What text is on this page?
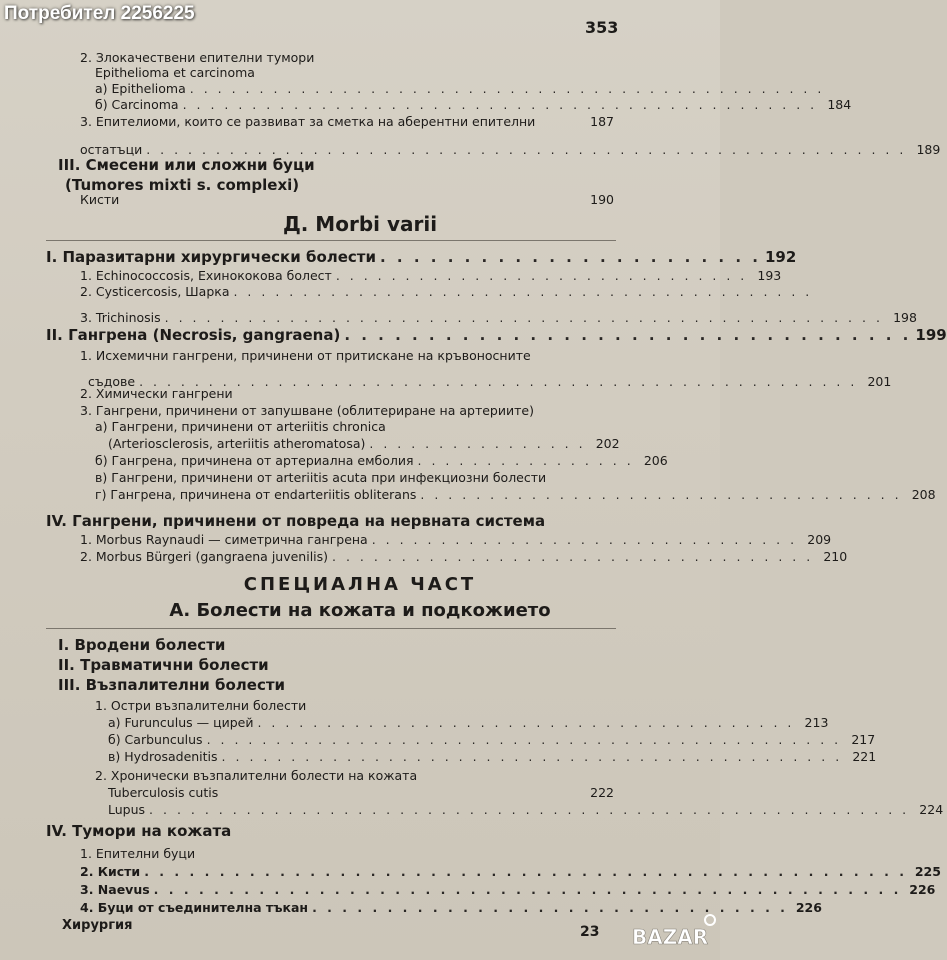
Потребител 2256225
353
2. Злокачествени епителни тумори
Epithelioma et carcinoma
а) Epithelioma . . . . . . . . . . . . . . . . . . . . . . . . . . . . . . . . . . . . . . . . . . . . . .
б) Carcinoma . . . . . . . . . . . . . . . . . . . . . . . . . . . . . . . . . . . . . . . . . . . . . . 184
3. Епителиоми, които се развиват за сметка на аберентни епителни	187
остатъци . . . . . . . . . . . . . . . . . . . . . . . . . . . . . . . . . . . . . . . . . . . . . . . . . . . . . . . 189
III. Смесени или сложни буци
(Tumores mixti s. complexi)
Кисти	190
Д. Morbi varii
I. Паразитарни хирургически болести . . . . . . . . . . . . . . . . . . . . . . . 192
1. Echinococcosis, Ехинококова болест . . . . . . . . . . . . . . . . . . . . . . . . . . . . . . 193
2. Cysticercosis, Шарка . . . . . . . . . . . . . . . . . . . . . . . . . . . . . . . . . . . . . . . . . .
3. Trichinosis . . . . . . . . . . . . . . . . . . . . . . . . . . . . . . . . . . . . . . . . . . . . . . . . . . . . 198
II. Гангрена (Necrosis, gangraena) . . . . . . . . . . . . . . . . . . . . . . . . . . . . . . . . . . 199
1. Исхемични гангрени, причинени от притискане на кръвоносните
съдове . . . . . . . . . . . . . . . . . . . . . . . . . . . . . . . . . . . . . . . . . . . . . . . . . . . . 201
2. Химически гангрени
3. Гангрени, причинени от запушване (облитериране на артериите)
а) Гангрени, причинени от arteriitis chronica
(Arteriosclerosis, arteriitis atheromatosa) . . . . . . . . . . . . . . . . 202
б) Гангрена, причинена от артериална емболия . . . . . . . . . . . . . . . . 206
в) Гангрени, причинени от arteriitis acuta при инфекциозни болести
г) Гангрена, причинена от endarteriitis obliterans . . . . . . . . . . . . . . . . . . . . . . . . . . . . . . . . . . . 208
IV. Гангрени, причинени от повреда на нервната система
1. Morbus Raynaudi — симетрична гангрена . . . . . . . . . . . . . . . . . . . . . . . . . . . . . . . 209
2. Morbus Bürgeri (gangraena juvenilis) . . . . . . . . . . . . . . . . . . . . . . . . . . . . . . . . . . . 210
СПЕЦИАЛНА ЧАСТ
А. Болести на кожата и подкожието
I. Вродени болести
II. Травматични болести
III. Възпалителни болести
1. Остри възпалителни болести
а) Furunculus — цирей . . . . . . . . . . . . . . . . . . . . . . . . . . . . . . . . . . . . . . . 213
б) Carbunculus . . . . . . . . . . . . . . . . . . . . . . . . . . . . . . . . . . . . . . . . . . . . . . 217
в) Hydrosadenitis . . . . . . . . . . . . . . . . . . . . . . . . . . . . . . . . . . . . . . . . . . . . . 221
2. Хронически възпалителни болести на кожата
Tuberculosis cutis	222
Lupus . . . . . . . . . . . . . . . . . . . . . . . . . . . . . . . . . . . . . . . . . . . . . . . . . . . . . . . 224
IV. Тумори на кожата
1. Епителни буци
2. Кисти . . . . . . . . . . . . . . . . . . . . . . . . . . . . . . . . . . . . . . . . . . . . . . . . . . . 225
3. Naevus . . . . . . . . . . . . . . . . . . . . . . . . . . . . . . . . . . . . . . . . . . . . . . . . . . 226
4. Буци от съединителна тъкан . . . . . . . . . . . . . . . . . . . . . . . . . . . . . . . . 226
Хирургия	23 BAZAR
